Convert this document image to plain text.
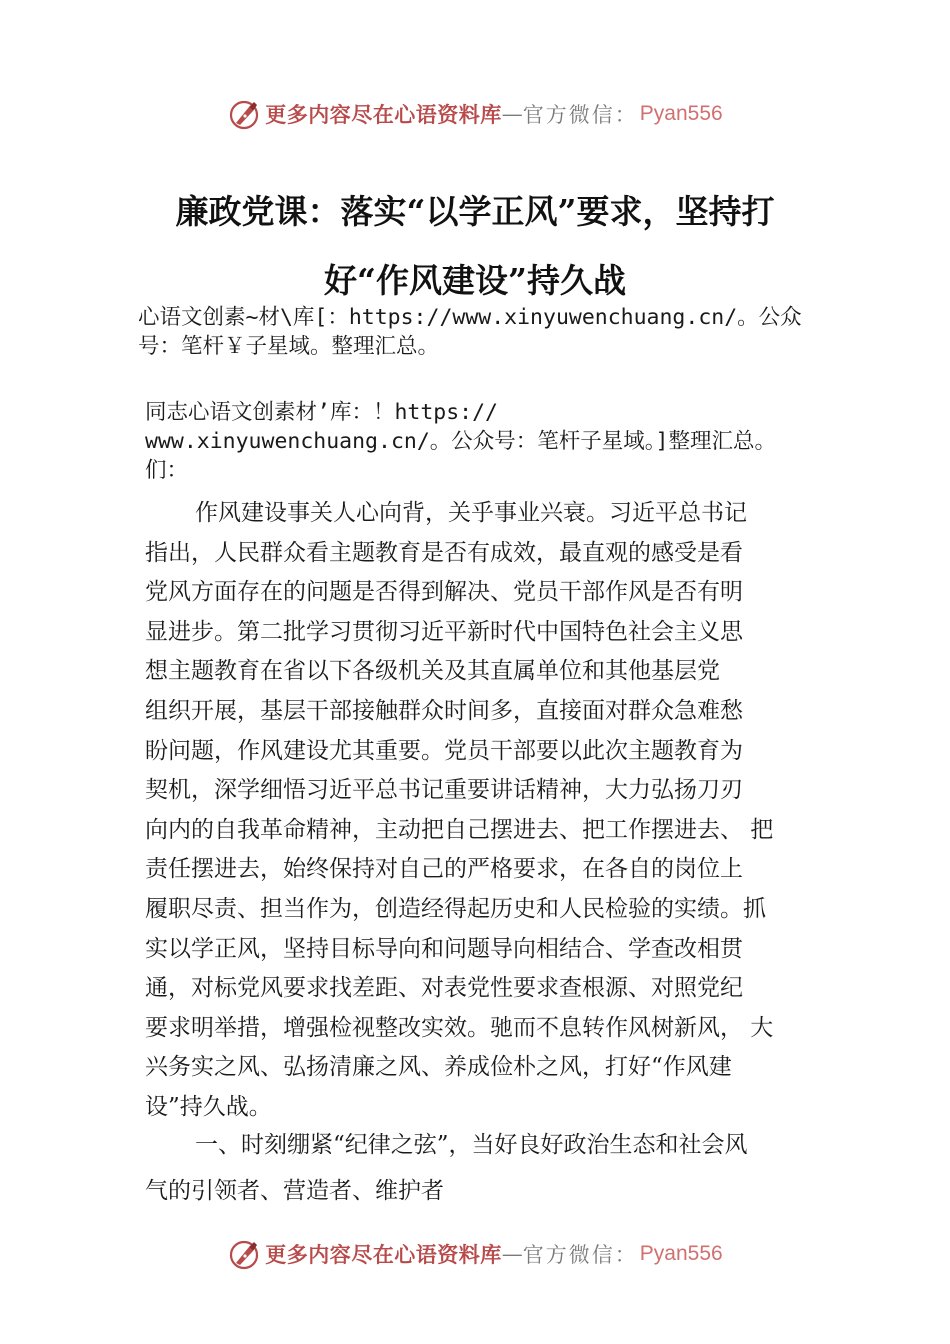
更多内容尽在心语资料库 — 官方微信： Pyan556
廉政党课：落实“以学正风”要求，坚持打
好“作风建设”持久战
心语文创素~材\库[：https://www.xinyuwenchuang.cn/。公众
号：笔杆￥子星域。整理汇总。
同志心语文创素材’库：！https://
www.xinyuwenchuang.cn/。公众号：笔杆子星域。]整理汇总。
们：
作风建设事关人心向背，关乎事业兴衰。习近平总书记
指出，人民群众看主题教育是否有成效，最直观的感受是看
党风方面存在的问题是否得到解决、党员干部作风是否有明
显进步。第二批学习贯彻习近平新时代中国特色社会主义思
想主题教育在省以下各级机关及其直属单位和其他基层党
组织开展，基层干部接触群众时间多，直接面对群众急难愁
盼问题，作风建设尤其重要。党员干部要以此次主题教育为
契机，深学细悟习近平总书记重要讲话精神，大力弘扬刀刃
向内的自我革命精神，主动把自己摆进去、把工作摆进去、 把
责任摆进去，始终保持对自己的严格要求，在各自的岗位上
履职尽责、担当作为，创造经得起历史和人民检验的实绩。抓
实以学正风，坚持目标导向和问题导向相结合、学查改相贯
通，对标党风要求找差距、对表党性要求查根源、对照党纪
要求明举措，增强检视整改实效。驰而不息转作风树新风， 大
兴务实之风、弘扬清廉之风、养成俭朴之风，打好“作风建
设”持久战。
一、时刻绷紧“纪律之弦”，当好良好政治生态和社会风
气的引领者、营造者、维护者
更多内容尽在心语资料库 — 官方微信： Pyan556
